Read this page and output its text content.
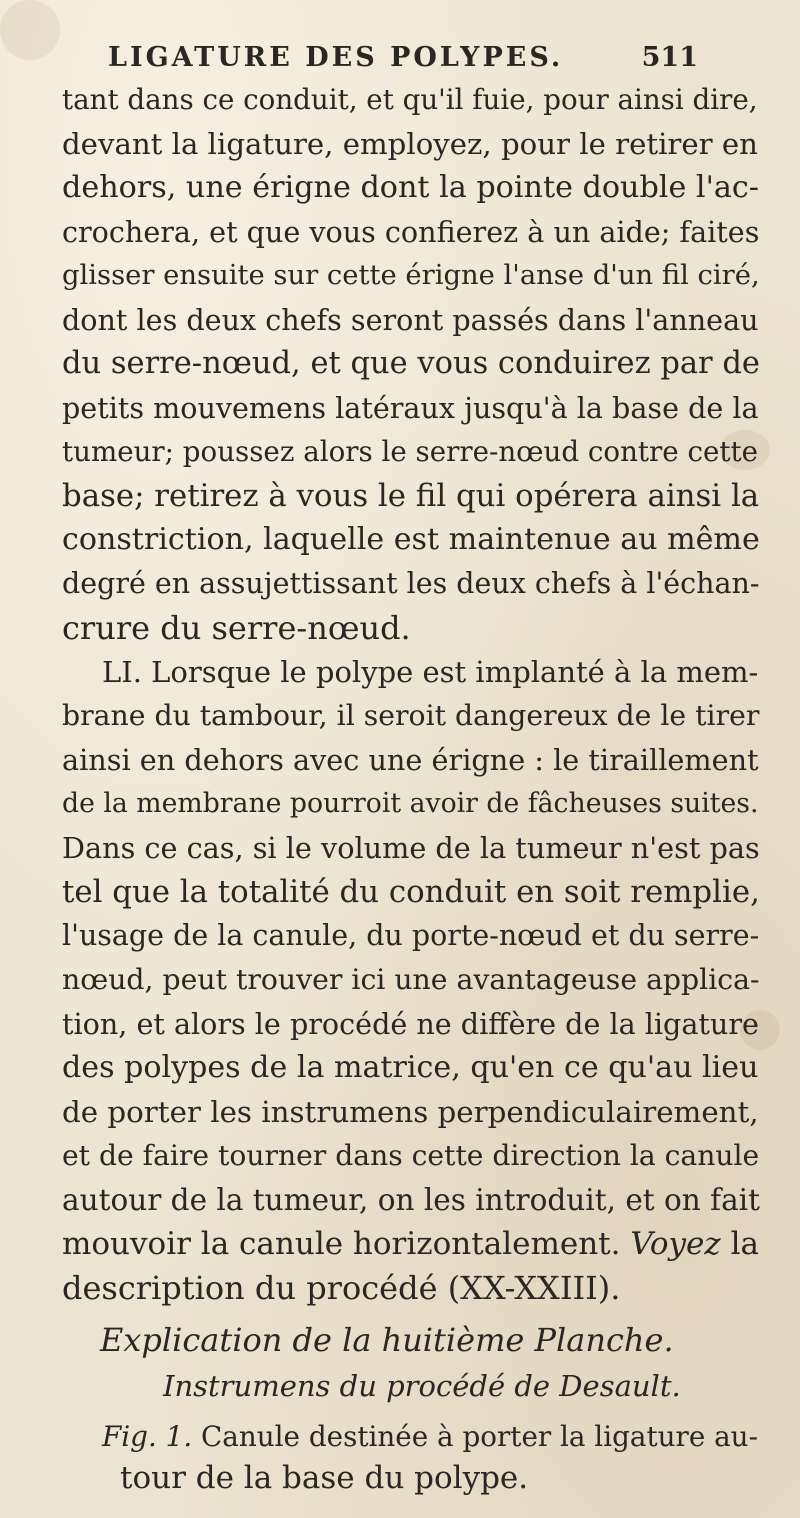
LIGATURE DES POLYPES.	511
tant dans ce conduit, et qu'il fuie, pour ainsi dire,
devant la ligature, employez, pour le retirer en
dehors, une érigne dont la pointe double l'ac-
crochera, et que vous confierez à un aide; faites
glisser ensuite sur cette érigne l'anse d'un fil ciré,
dont les deux chefs seront passés dans l'anneau
du serre-nœud, et que vous conduirez par de
petits mouvemens latéraux jusqu'à la base de la
tumeur; poussez alors le serre-nœud contre cette
base; retirez à vous le fil qui opérera ainsi la
constriction, laquelle est maintenue au même
degré en assujettissant les deux chefs à l'échan-
crure du serre-nœud.
LI. Lorsque le polype est implanté à la mem-
brane du tambour, il seroit dangereux de le tirer
ainsi en dehors avec une érigne : le tiraillement
de la membrane pourroit avoir de fâcheuses suites.
Dans ce cas, si le volume de la tumeur n'est pas
tel que la totalité du conduit en soit remplie,
l'usage de la canule, du porte-nœud et du serre-
nœud, peut trouver ici une avantageuse applica-
tion, et alors le procédé ne diffère de la ligature
des polypes de la matrice, qu'en ce qu'au lieu
de porter les instrumens perpendiculairement,
et de faire tourner dans cette direction la canule
autour de la tumeur, on les introduit, et on fait
mouvoir la canule horizontalement. Voyez la
description du procédé (XX-XXIII).
Explication de la huitième Planche.
Instrumens du procédé de Desault.
Fig. 1. Canule destinée à porter la ligature au-
tour de la base du polype.
